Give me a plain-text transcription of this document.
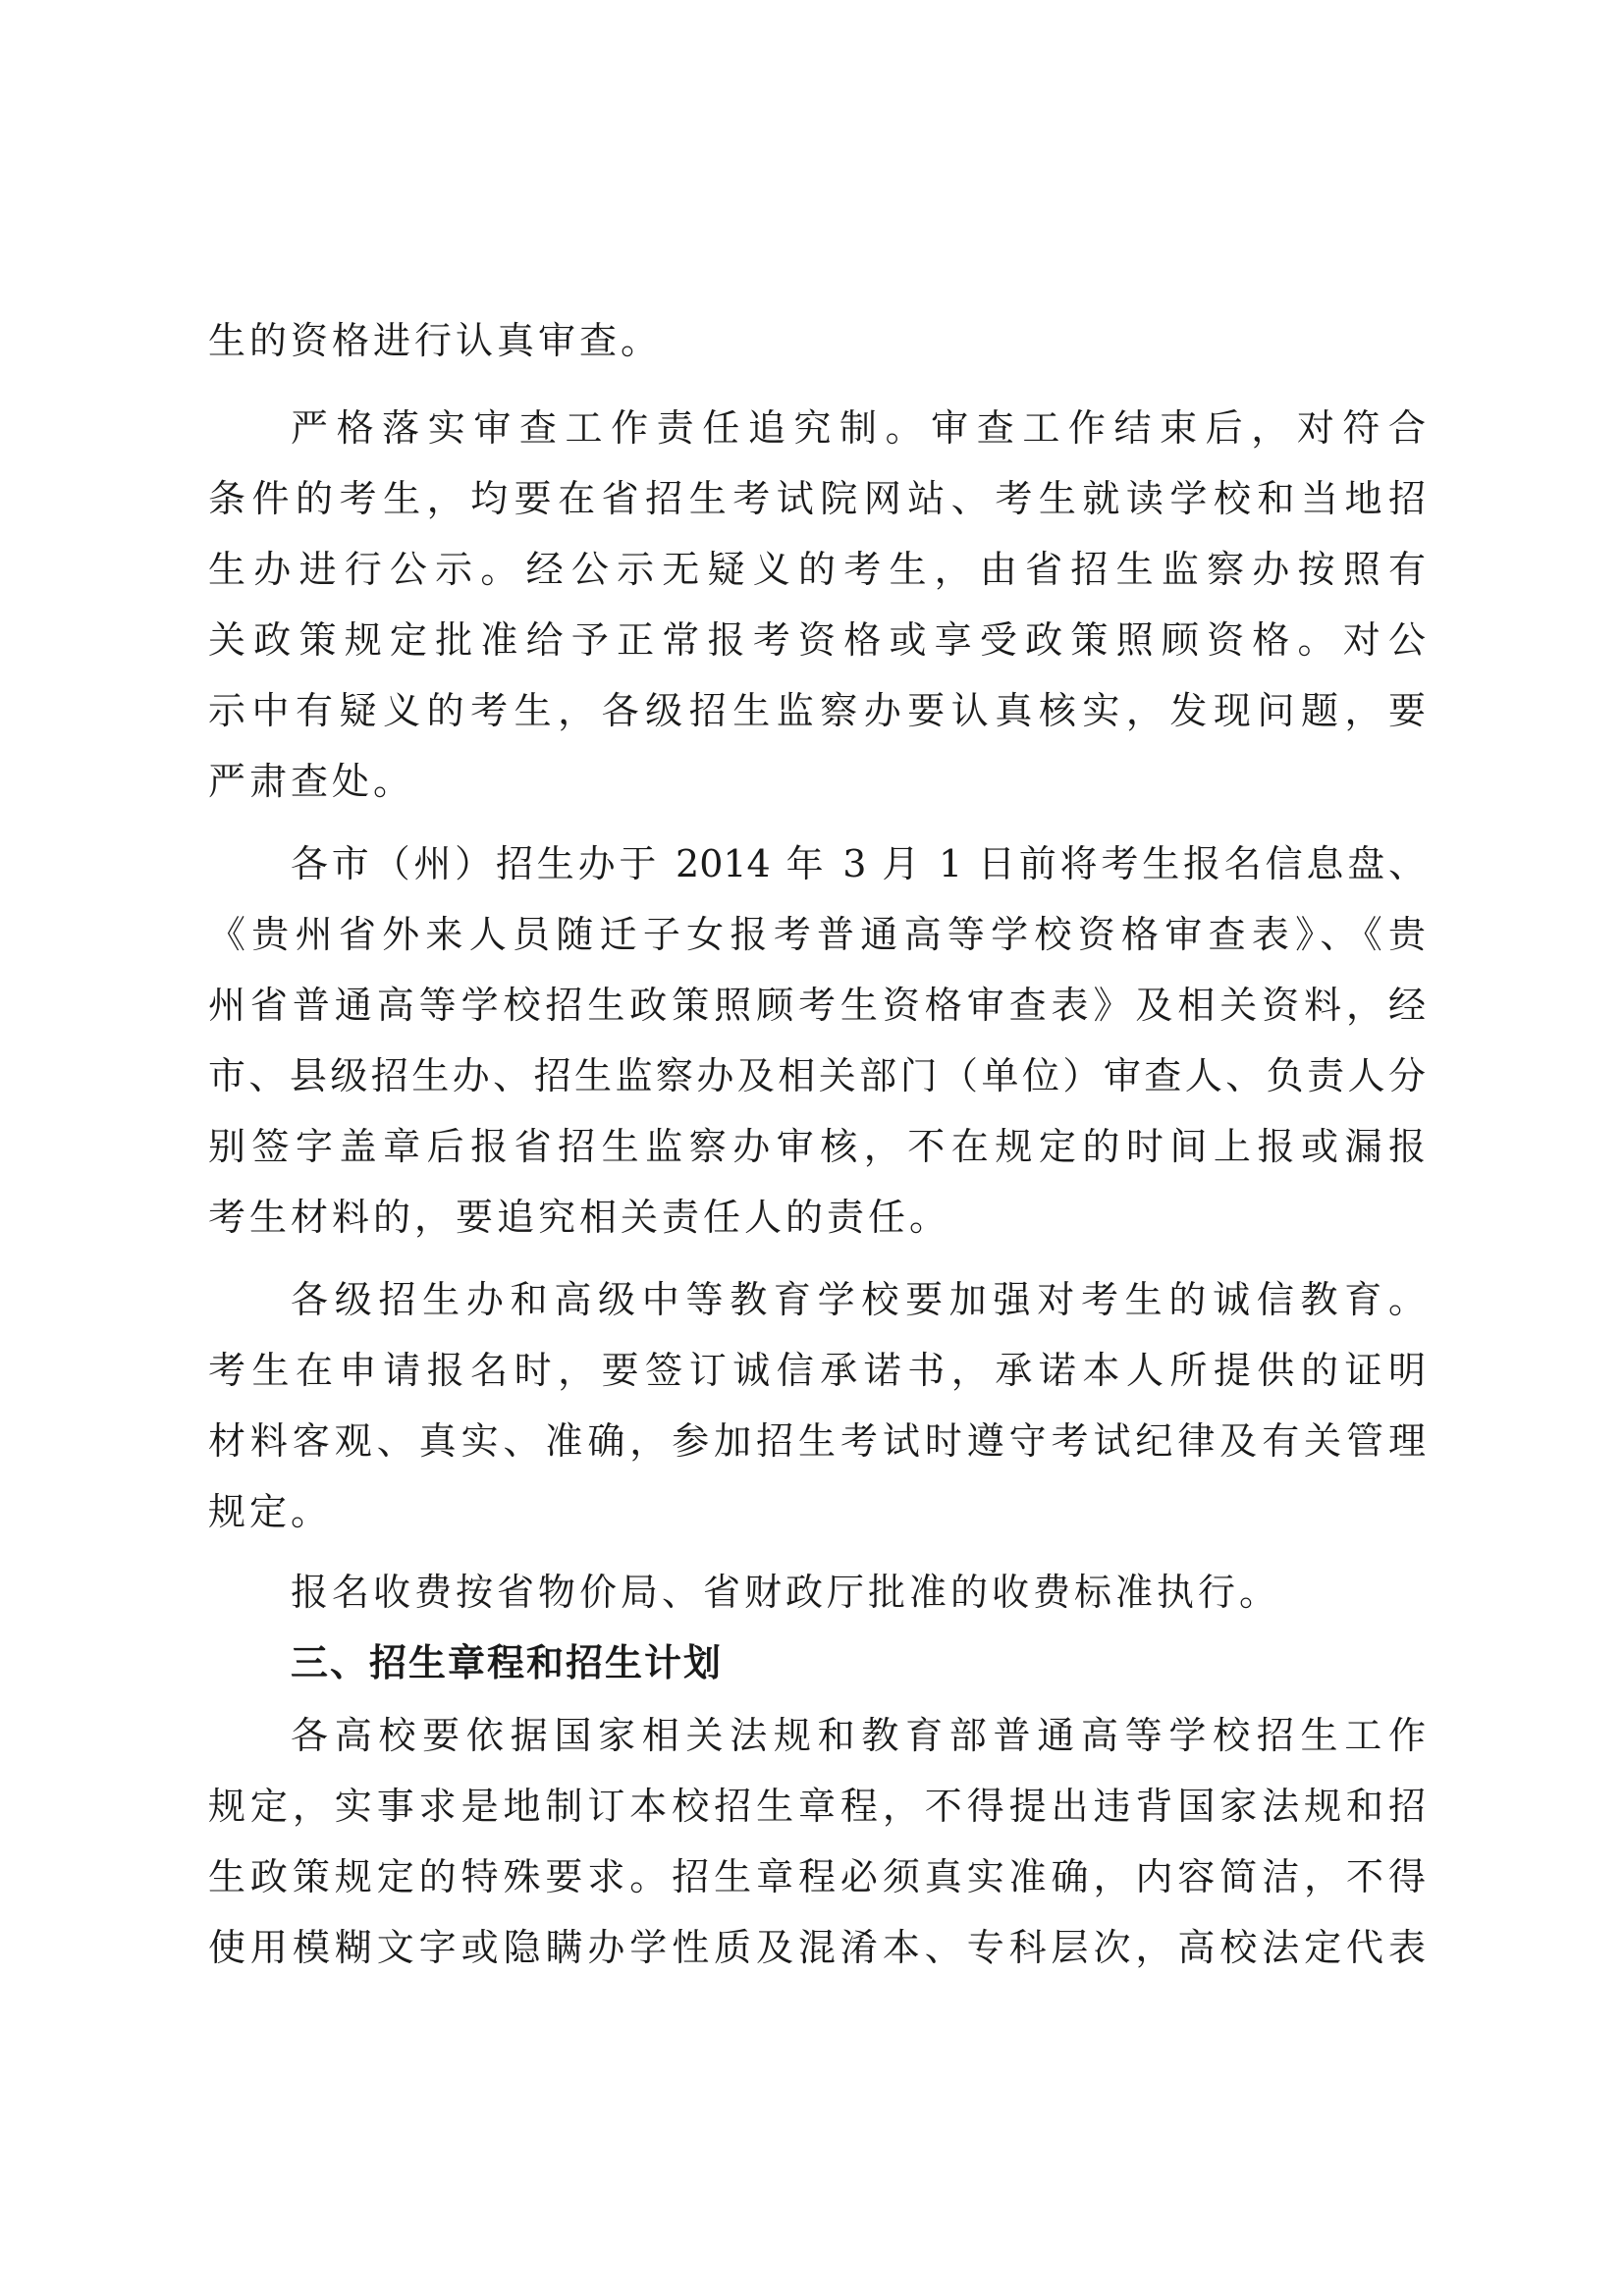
生的资格进行认真审查。
严格落实审查工作责任追究制。审查工作结束后，对符合
条件的考生，均要在省招生考试院网站、考生就读学校和当地招
生办进行公示。经公示无疑义的考生，由省招生监察办按照有
关政策规定批准给予正常报考资格或享受政策照顾资格。对公
示中有疑义的考生，各级招生监察办要认真核实，发现问题，要
严肃查处。
各市（州）招生办于 2014 年 3 月 1 日前将考生报名信息盘、
《贵州省外来人员随迁子女报考普通高等学校资格审查表》、《贵
州省普通高等学校招生政策照顾考生资格审查表》及相关资料，经
市、县级招生办、招生监察办及相关部门（单位）审查人、负责人分
别签字盖章后报省招生监察办审核，不在规定的时间上报或漏报
考生材料的，要追究相关责任人的责任。
各级招生办和高级中等教育学校要加强对考生的诚信教育。
考生在申请报名时，要签订诚信承诺书，承诺本人所提供的证明
材料客观、真实、准确，参加招生考试时遵守考试纪律及有关管理
规定。
报名收费按省物价局、省财政厅批准的收费标准执行。
三、招生章程和招生计划
各高校要依据国家相关法规和教育部普通高等学校招生工作
规定，实事求是地制订本校招生章程，不得提出违背国家法规和招
生政策规定的特殊要求。招生章程必须真实准确，内容简洁，不得
使用模糊文字或隐瞒办学性质及混淆本、专科层次，高校法定代表
